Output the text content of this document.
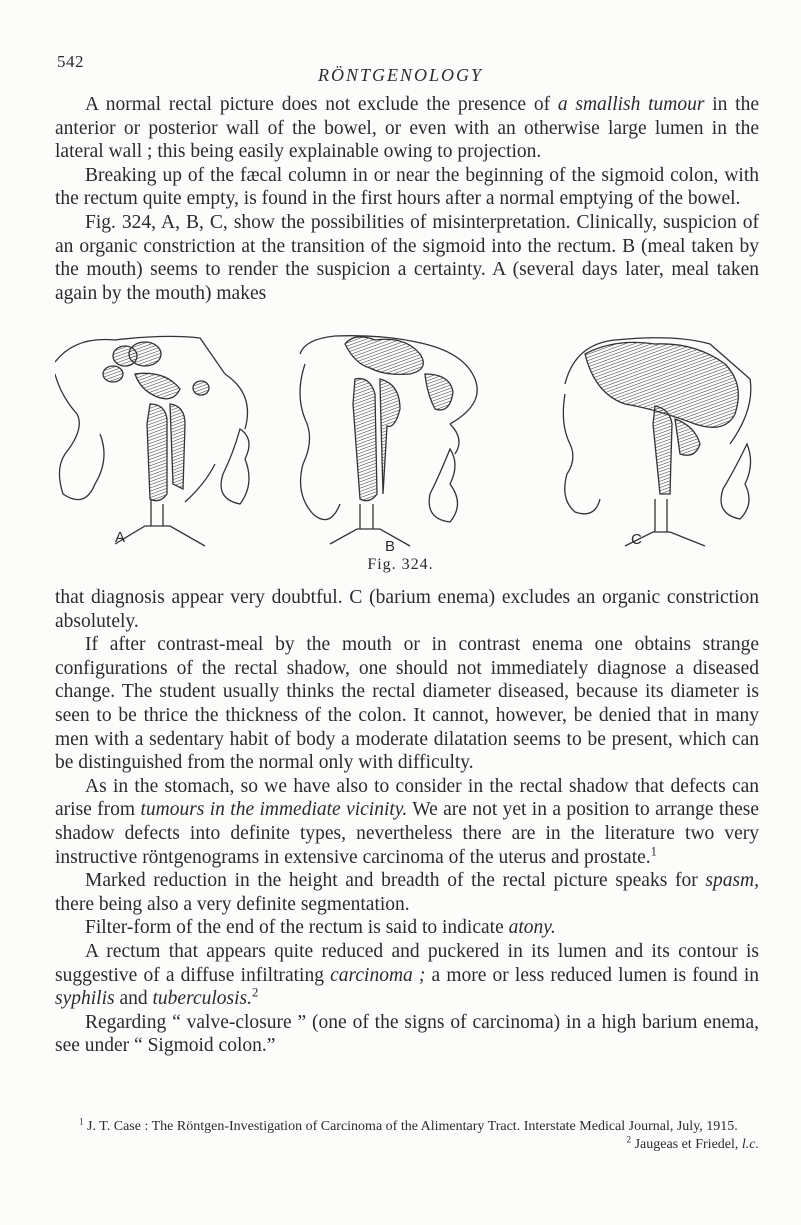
542
RÖNTGENOLOGY

A normal rectal picture does not exclude the presence of a smallish tumour in the anterior or posterior wall of the bowel, or even with an otherwise large lumen in the lateral wall ; this being easily explainable owing to projection.

Breaking up of the fæcal column in or near the beginning of the sigmoid colon, with the rectum quite empty, is found in the first hours after a normal emptying of the bowel.

Fig. 324, A, B, C, show the possibilities of misinterpretation. Clinically, suspicion of an organic constriction at the transition of the sigmoid into the rectum. B (meal taken by the mouth) seems to render the suspicion a certainty. A (several days later, meal taken again by the mouth) makes

A
B	C
Fig. 324.

that diagnosis appear very doubtful. C (barium enema) excludes an organic constriction absolutely.

If after contrast-meal by the mouth or in contrast enema one obtains strange configurations of the rectal shadow, one should not immediately diagnose a diseased change. The student usually thinks the rectal diameter diseased, because its diameter is seen to be thrice the thickness of the colon. It cannot, however, be denied that in many men with a sedentary habit of body a moderate dilatation seems to be present, which can be distinguished from the normal only with difficulty.

As in the stomach, so we have also to consider in the rectal shadow that defects can arise from tumours in the immediate vicinity. We are not yet in a position to arrange these shadow defects into definite types, nevertheless there are in the literature two very instructive röntgenograms in extensive carcinoma of the uterus and prostate.$^1$

Marked reduction in the height and breadth of the rectal picture speaks for spasm, there being also a very definite segmentation.

Filter-form of the end of the rectum is said to indicate atony.

A rectum that appears quite reduced and puckered in its lumen and its contour is suggestive of a diffuse infiltrating carcinoma ; a more or less reduced lumen is found in syphilis and tuberculosis.$^2$

Regarding “ valve-closure ” (one of the signs of carcinoma) in a high barium enema, see under “ Sigmoid colon.”

$^1$ J. T. Case : The Röntgen-Investigation of Carcinoma of the Alimentary Tract. Interstate Medical Journal, July, 1915.
$^2$ Jaugeas et Friedel, l.c.
